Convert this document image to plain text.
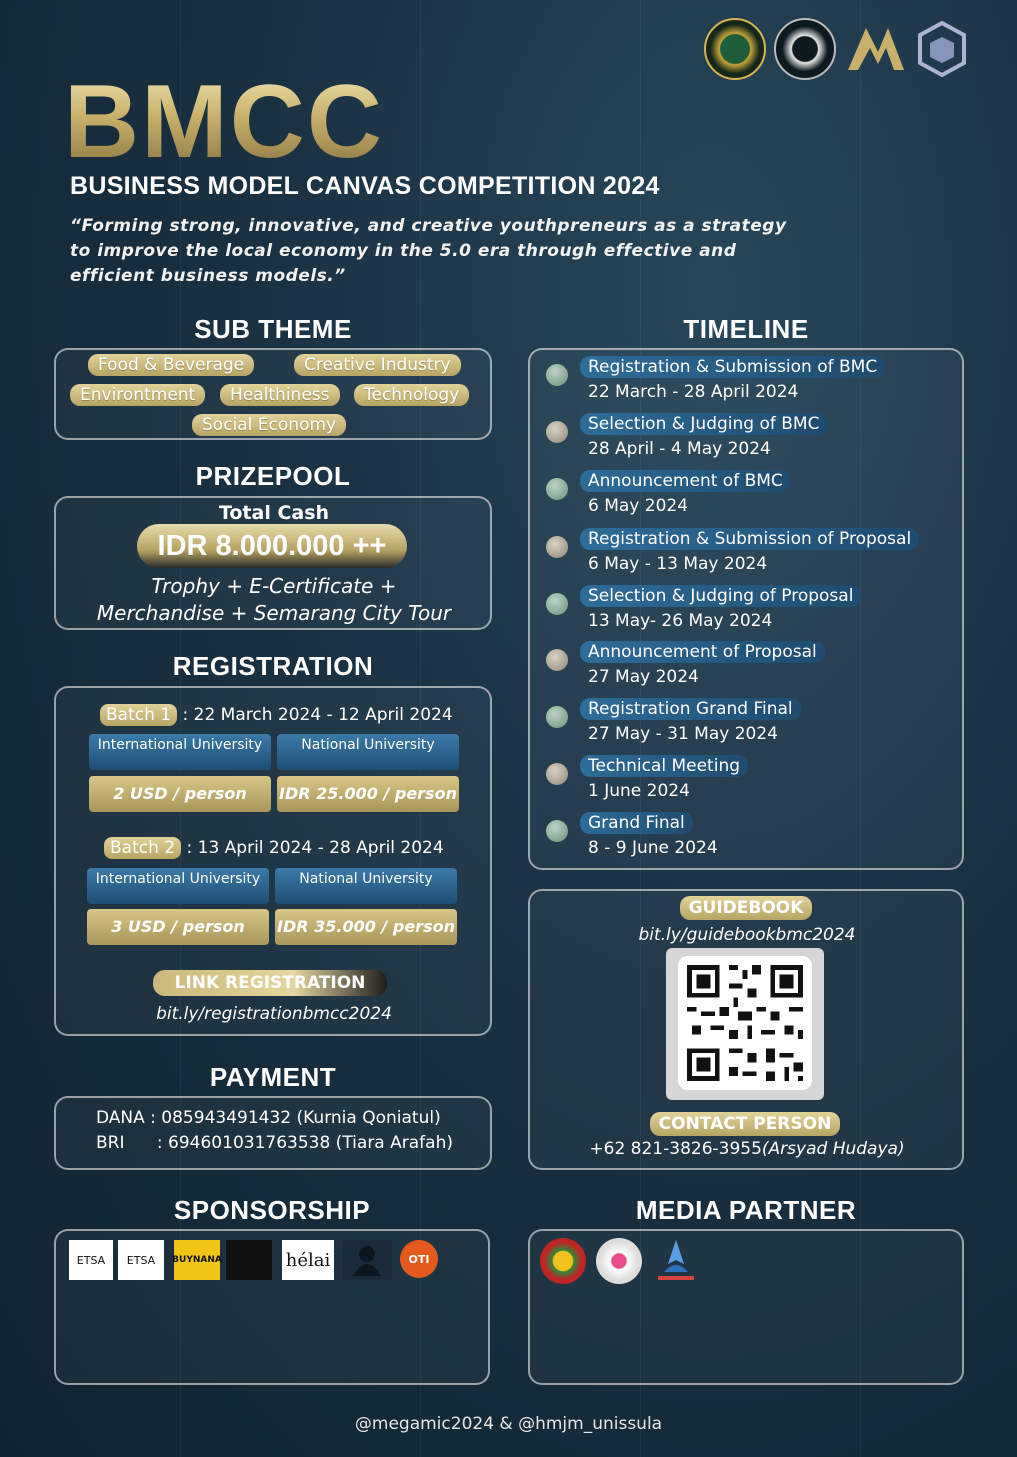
BMCC
BUSINESS MODEL CANVAS COMPETITION 2024
“Forming strong, innovative, and creative youthpreneurs as a strategy
to improve the local economy in the 5.0 era through effective and
efficient business models.”
SUB THEME
Food & Beverage	Creative Industry
Environtment	Healthiness	Technology
Social Economy
PRIZEPOOL
Total Cash
IDR 8.000.000 ++
Trophy + E-Certificate +
Merchandise + Semarang City Tour
REGISTRATION
Batch 1 : 22 March 2024 - 12 April 2024
International University	National University
2 USD / person	IDR 25.000 / person
Batch 2 : 13 April 2024 - 28 April 2024
International University	National University
3 USD / person	IDR 35.000 / person
LINK REGISTRATION
bit.ly/registrationbmcc2024
PAYMENT
DANA : 085943491432 (Kurnia Qoniatul)
BRI      : 694601031763538 (Tiara Arafah)
SPONSORSHIP
ETSA	ETSA	BUYNANA	hélai	OTI
TIMELINE
Registration & Submission of BMC
22 March - 28 April 2024
Selection & Judging of BMC
28 April - 4 May 2024
Announcement of BMC
6 May 2024
Registration & Submission of Proposal
6 May - 13 May 2024
Selection & Judging of Proposal
13 May- 26 May 2024
Announcement of Proposal
27 May 2024
Registration Grand Final
27 May - 31 May 2024
Technical Meeting
1 June 2024
Grand Final
8 - 9 June 2024
GUIDEBOOK
bit.ly/guidebookbmc2024
CONTACT PERSON
+62 821-3826-3955(Arsyad Hudaya)
MEDIA PARTNER
@megamic2024 & @hmjm_unissula
